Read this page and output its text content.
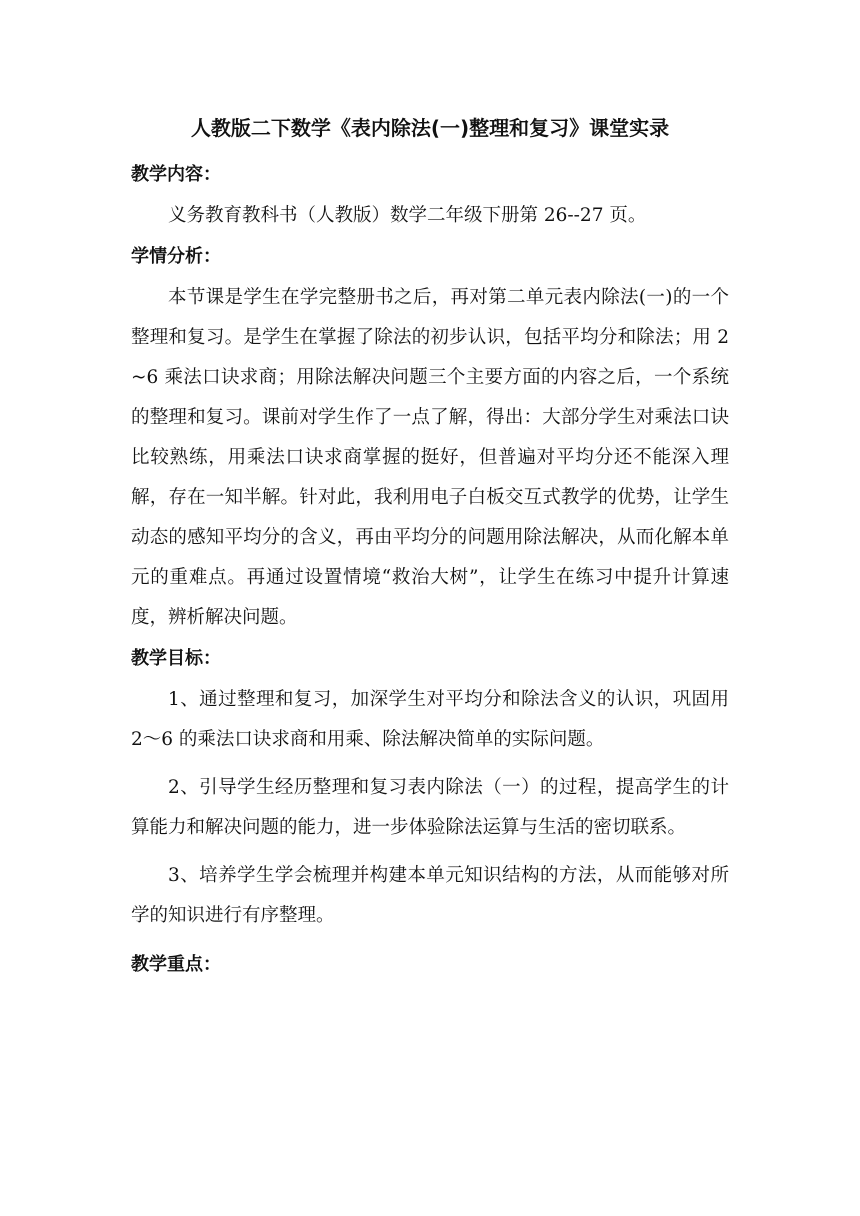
人教版二下数学《表内除法(一)整理和复习》课堂实录

教学内容：

义务教育教科书（人教版）数学二年级下册第 26--27 页。

学情分析：

本节课是学生在学完整册书之后，再对第二单元表内除法(一)的一个整理和复习。是学生在掌握了除法的初步认识，包括平均分和除法；用 2~6 乘法口诀求商；用除法解决问题三个主要方面的内容之后，一个系统的整理和复习。课前对学生作了一点了解，得出：大部分学生对乘法口诀比较熟练，用乘法口诀求商掌握的挺好，但普遍对平均分还不能深入理解，存在一知半解。针对此，我利用电子白板交互式教学的优势，让学生动态的感知平均分的含义，再由平均分的问题用除法解决，从而化解本单元的重难点。再通过设置情境“救治大树”，让学生在练习中提升计算速度，辨析解决问题。

教学目标：

1、通过整理和复习，加深学生对平均分和除法含义的认识，巩固用 2～6 的乘法口诀求商和用乘、除法解决简单的实际问题。

2、引导学生经历整理和复习表内除法（一）的过程，提高学生的计算能力和解决问题的能力，进一步体验除法运算与生活的密切联系。

3、培养学生学会梳理并构建本单元知识结构的方法，从而能够对所学的知识进行有序整理。

教学重点：
